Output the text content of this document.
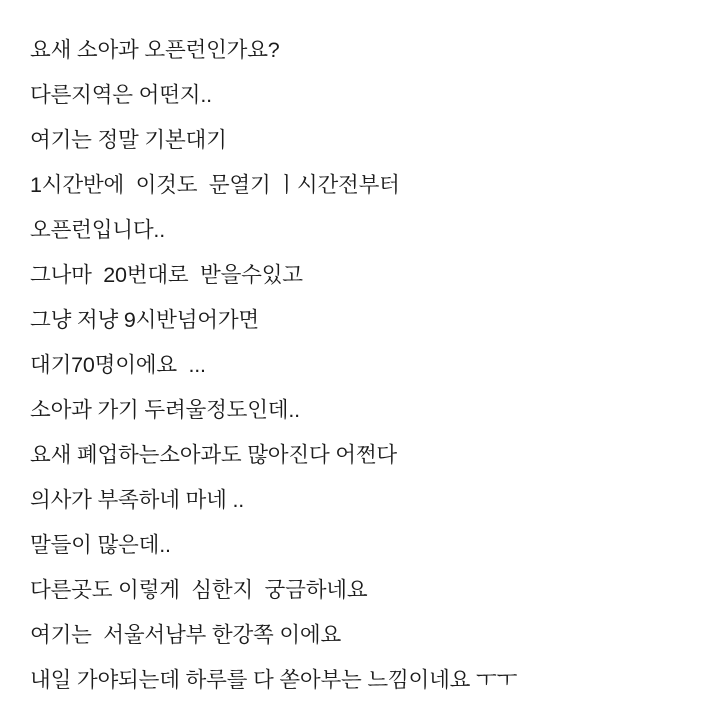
요새 소아과 오픈런인가요?
다른지역은 어떤지..
여기는 정말 기본대기
1시간반에  이것도  문열기 ㅣ시간전부터
오픈런입니다..
그나마  20번대로  받을수있고
그냥 저냥 9시반넘어가면
대기70명이에요  ...
소아과 가기 두려울정도인데..
요새 폐업하는소아과도 많아진다 어쩐다
의사가 부족하네 마네 ..
말들이 많은데..
다른곳도 이렇게  심한지  궁금하네요
여기는  서울서남부 한강쪽 이에요
내일 가야되는데 하루를 다 쏟아부는 느낌이네요 ㅜㅜ
